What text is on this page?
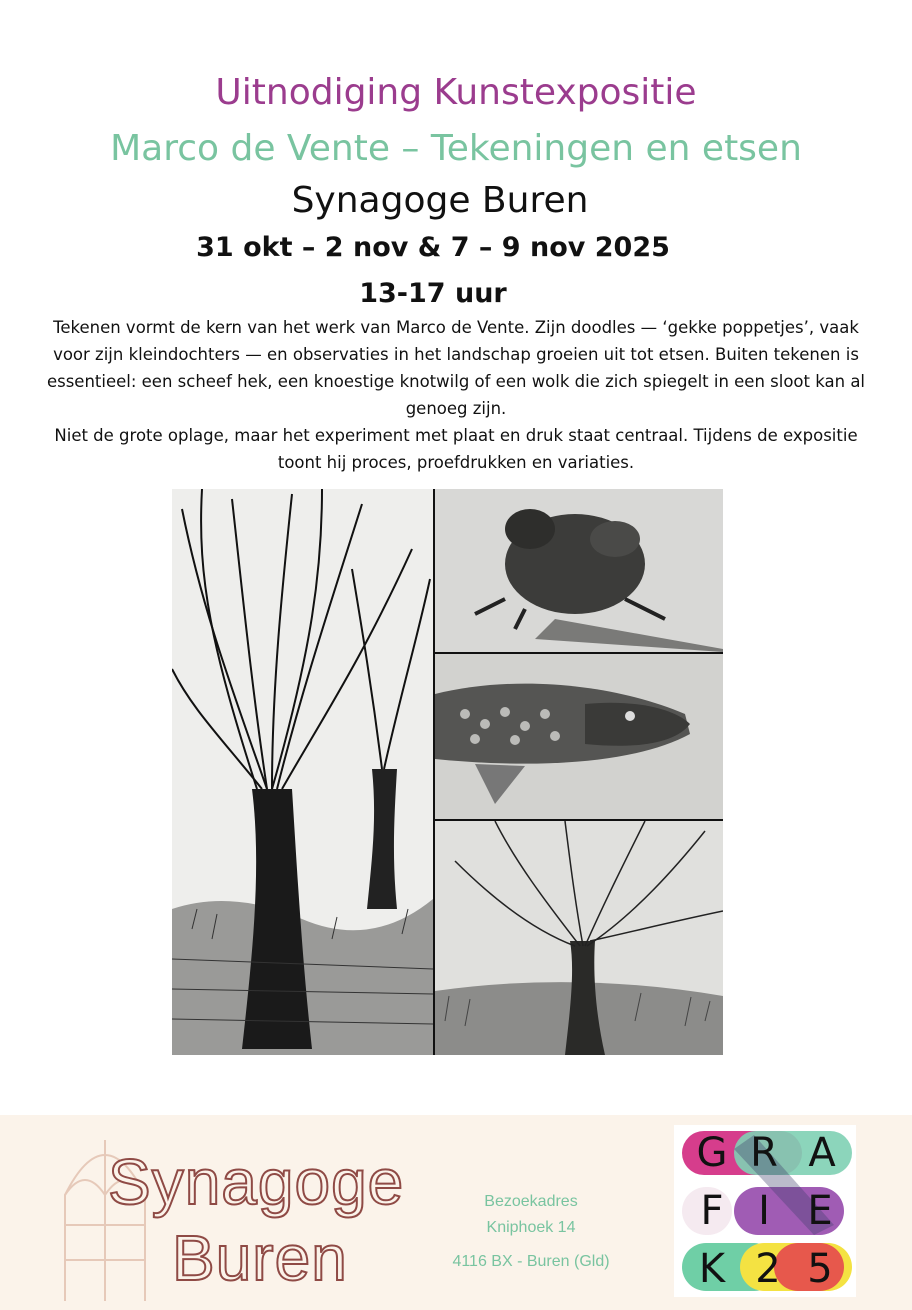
Uitnodiging Kunstexpositie
Marco de Vente – Tekeningen en etsen
Synagoge Buren
31 okt – 2 nov & 7 – 9 nov 2025
13-17 uur

Tekenen vormt de kern van het werk van Marco de Vente. Zijn doodles — ‘gekke poppetjes’, vaak voor zijn kleindochters — en observaties in het landschap groeien uit tot etsen. Buiten tekenen is essentieel: een scheef hek, een knoestige knotwilg of een wolk die zich spiegelt in een sloot kan al genoeg zijn.

Niet de grote oplage, maar het experiment met plaat en druk staat centraal. Tijdens de expositie toont hij proces, proefdrukken en variaties.

Synagoge
Buren
Bezoekadres
Kniphoek 14
4116 BX - Buren (Gld)
G R A
F I E
K 2 5
